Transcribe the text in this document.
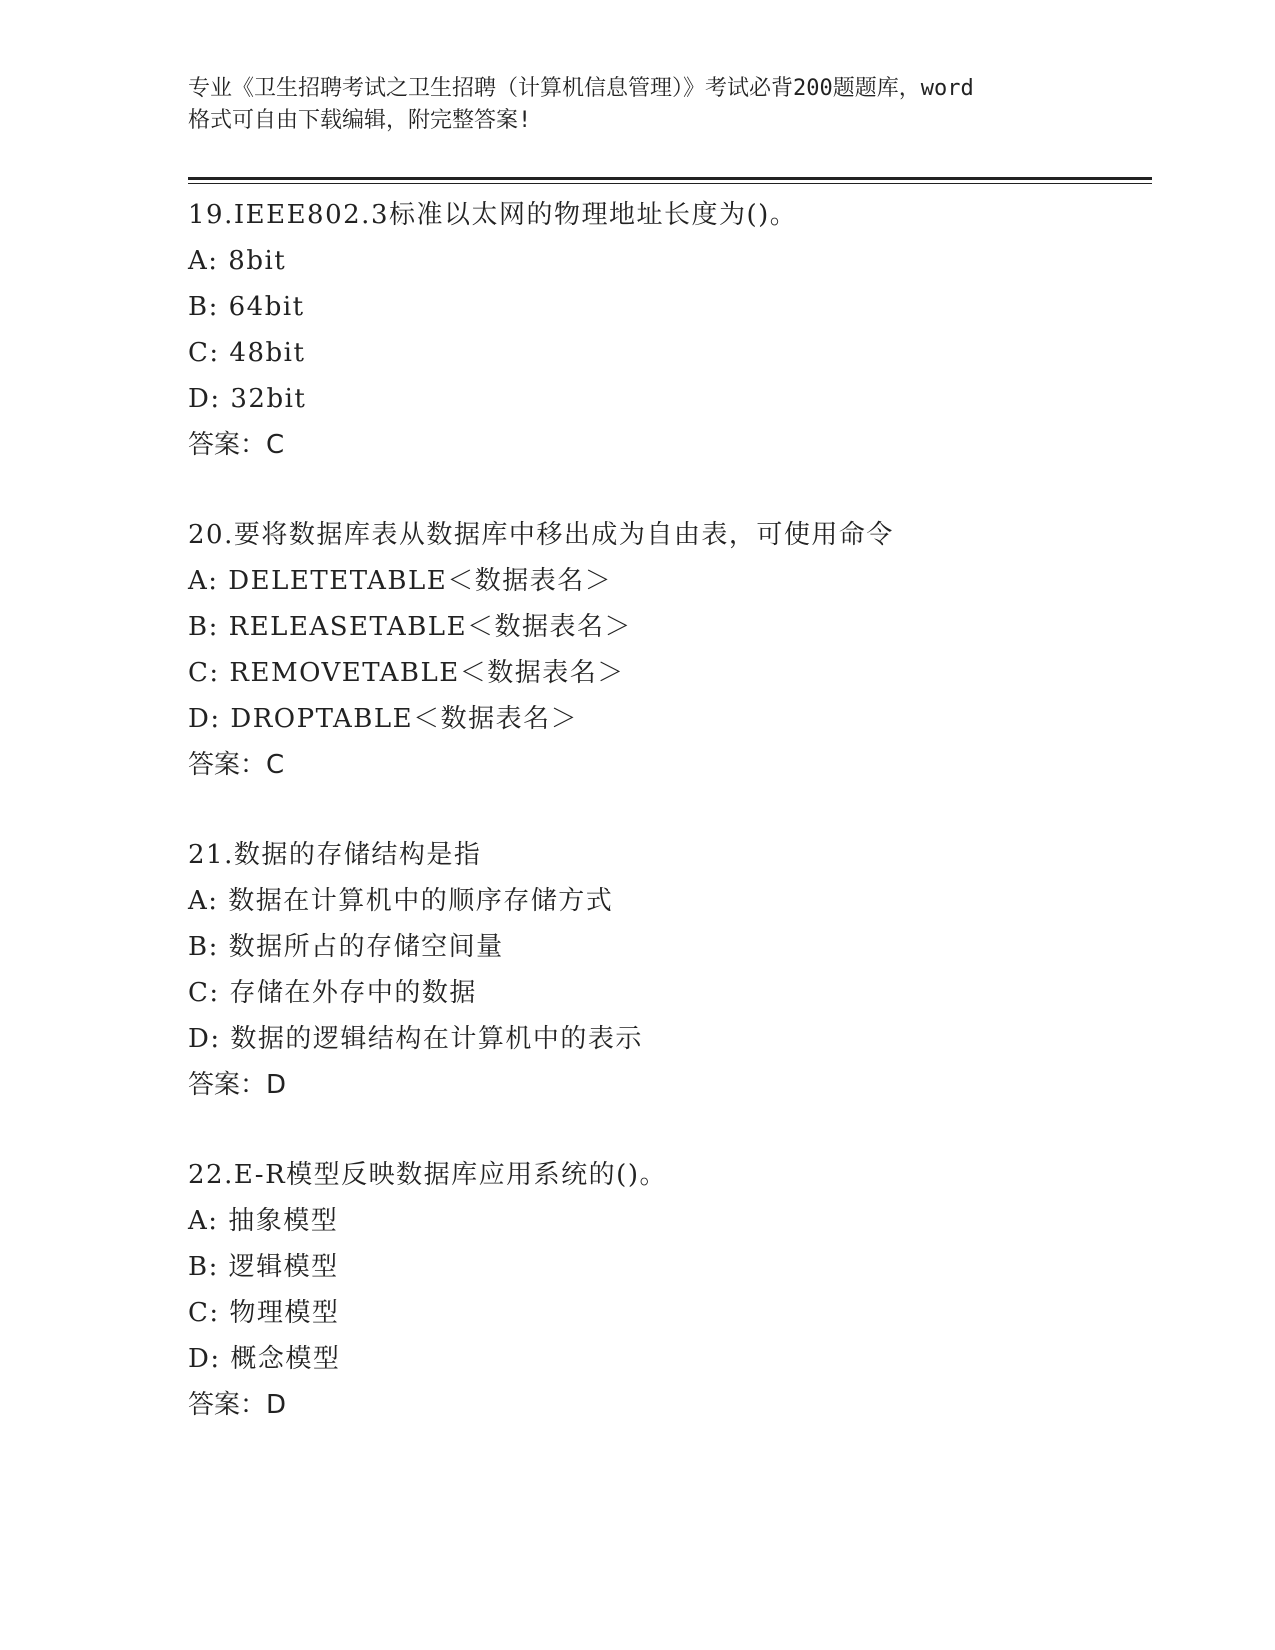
专业《卫生招聘考试之卫生招聘（计算机信息管理）》考试必背200题题库，word
格式可自由下载编辑，附完整答案!
19.IEEE802.3标准以太网的物理地址长度为()。
A: 8bit
B: 64bit
C: 48bit
D: 32bit
答案：C
20.要将数据库表从数据库中移出成为自由表，可使用命令
A: DELETETABLE＜数据表名＞
B: RELEASETABLE＜数据表名＞
C: REMOVETABLE＜数据表名＞
D: DROPTABLE＜数据表名＞
答案：C
21.数据的存储结构是指
A: 数据在计算机中的顺序存储方式
B: 数据所占的存储空间量
C: 存储在外存中的数据
D: 数据的逻辑结构在计算机中的表示
答案：D
22.E-R模型反映数据库应用系统的()。
A: 抽象模型
B: 逻辑模型
C: 物理模型
D: 概念模型
答案：D
